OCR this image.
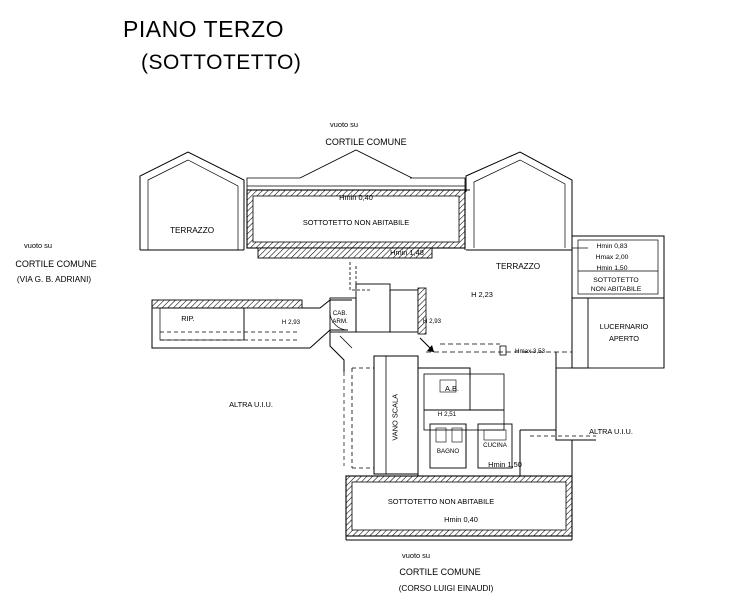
PIANO TERZO
(SOTTOTETTO)
vuoto su
CORTILE COMUNE
vuoto su
CORTILE COMUNE
(VIA G. B. ADRIANI)
TERRAZZO
TERRAZZO
Hmin 0,40
SOTTOTETTO NON ABITABILE
Hmin 1,48
RIP.	H 2,93	H 2,93
CAB.
ARM.
H 2,23
Hmin 0,83
Hmax 2,00
Hmin 1,50
SOTTOTETTO
NON ABITABILE
LUCERNARIO
APERTO
Hmax 3,53
ALTRA U.I.U.
ALTRA U.I.U.
VANO SCALA
A.B.
H 2,51
BAGNO
CUCINA
Hmin 1,50
SOTTOTETTO NON ABITABILE
Hmin 0,40
vuoto su
CORTILE COMUNE
(CORSO LUIGI EINAUDI)
